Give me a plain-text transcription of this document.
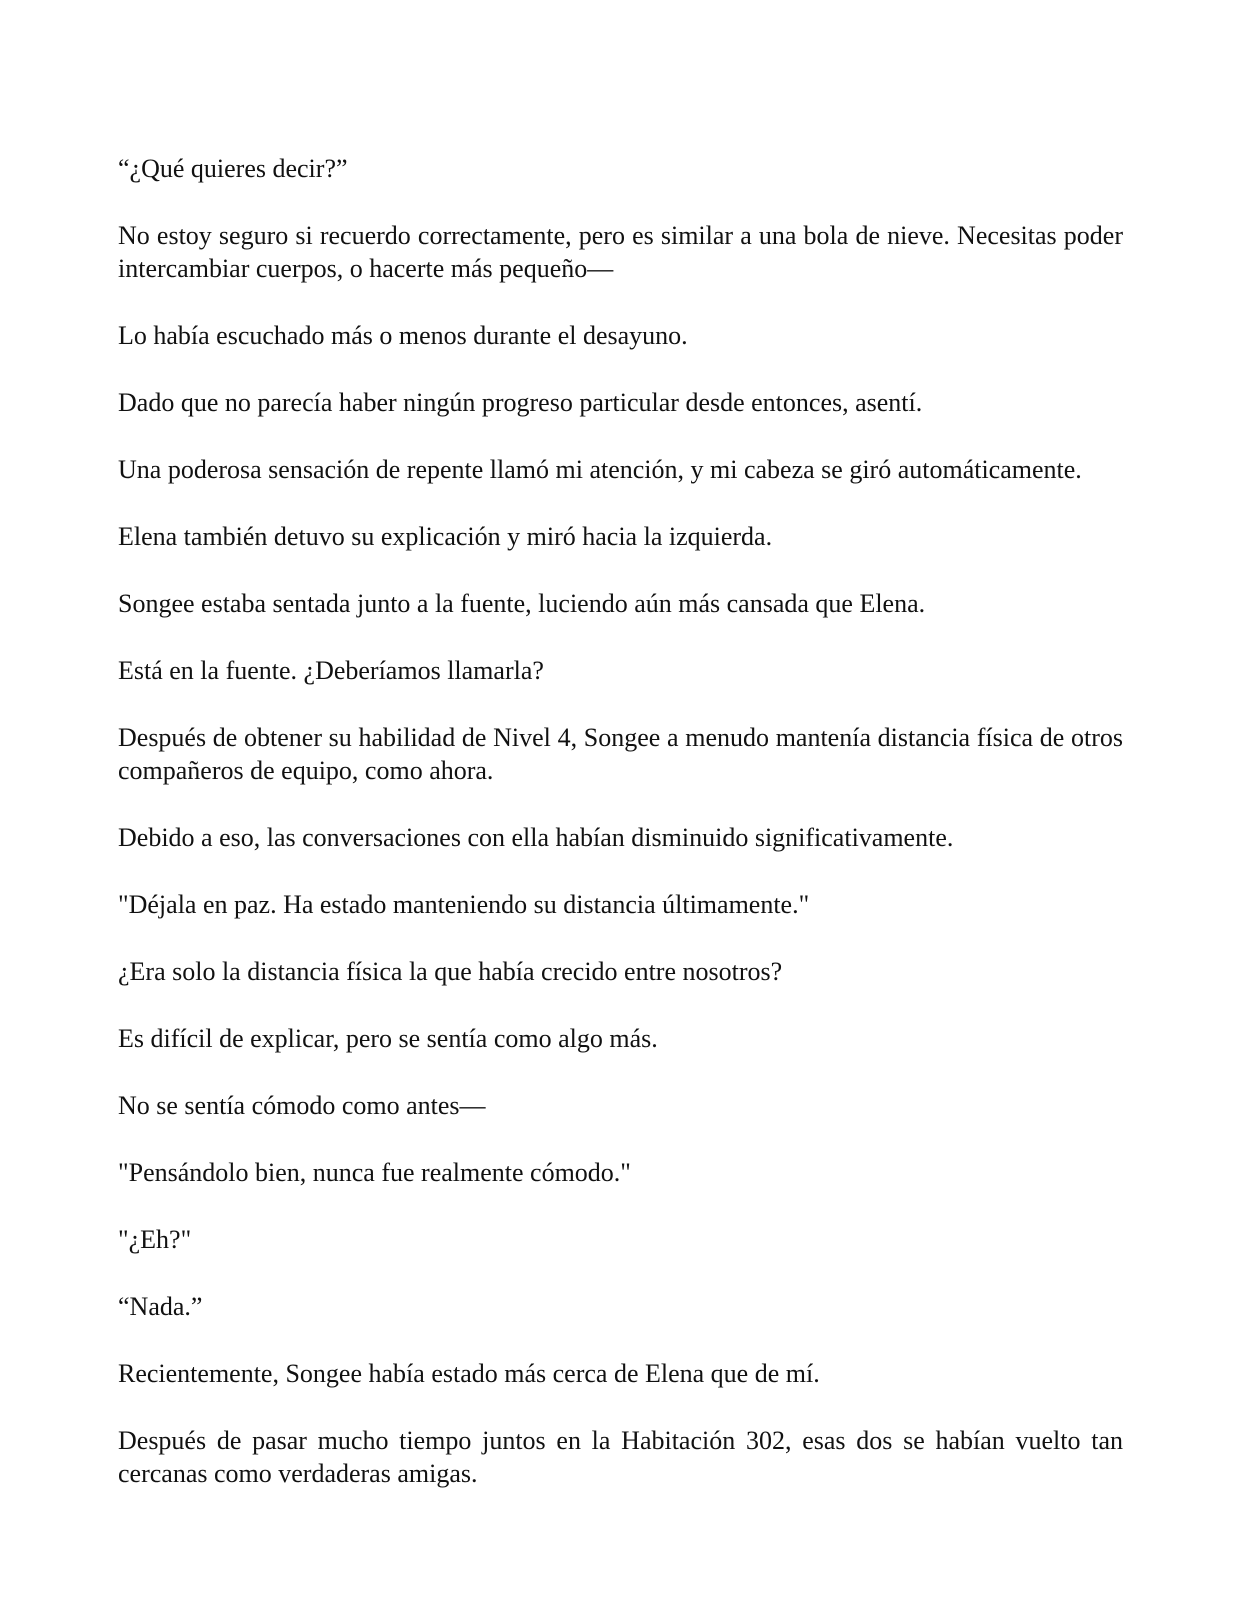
“¿Qué quieres decir?”

No estoy seguro si recuerdo correctamente, pero es similar a una bola de nieve. Necesitas poder intercambiar cuerpos, o hacerte más pequeño—

Lo había escuchado más o menos durante el desayuno.

Dado que no parecía haber ningún progreso particular desde entonces, asentí.

Una poderosa sensación de repente llamó mi atención, y mi cabeza se giró automáticamente.

Elena también detuvo su explicación y miró hacia la izquierda.

Songee estaba sentada junto a la fuente, luciendo aún más cansada que Elena.

Está en la fuente. ¿Deberíamos llamarla?

Después de obtener su habilidad de Nivel 4, Songee a menudo mantenía distancia física de otros compañeros de equipo, como ahora.

Debido a eso, las conversaciones con ella habían disminuido significativamente.

"Déjala en paz. Ha estado manteniendo su distancia últimamente."

¿Era solo la distancia física la que había crecido entre nosotros?

Es difícil de explicar, pero se sentía como algo más.

No se sentía cómodo como antes—

"Pensándolo bien, nunca fue realmente cómodo."

"¿Eh?"

“Nada.”

Recientemente, Songee había estado más cerca de Elena que de mí.

Después de pasar mucho tiempo juntos en la Habitación 302, esas dos se habían vuelto tan cercanas como verdaderas amigas.
